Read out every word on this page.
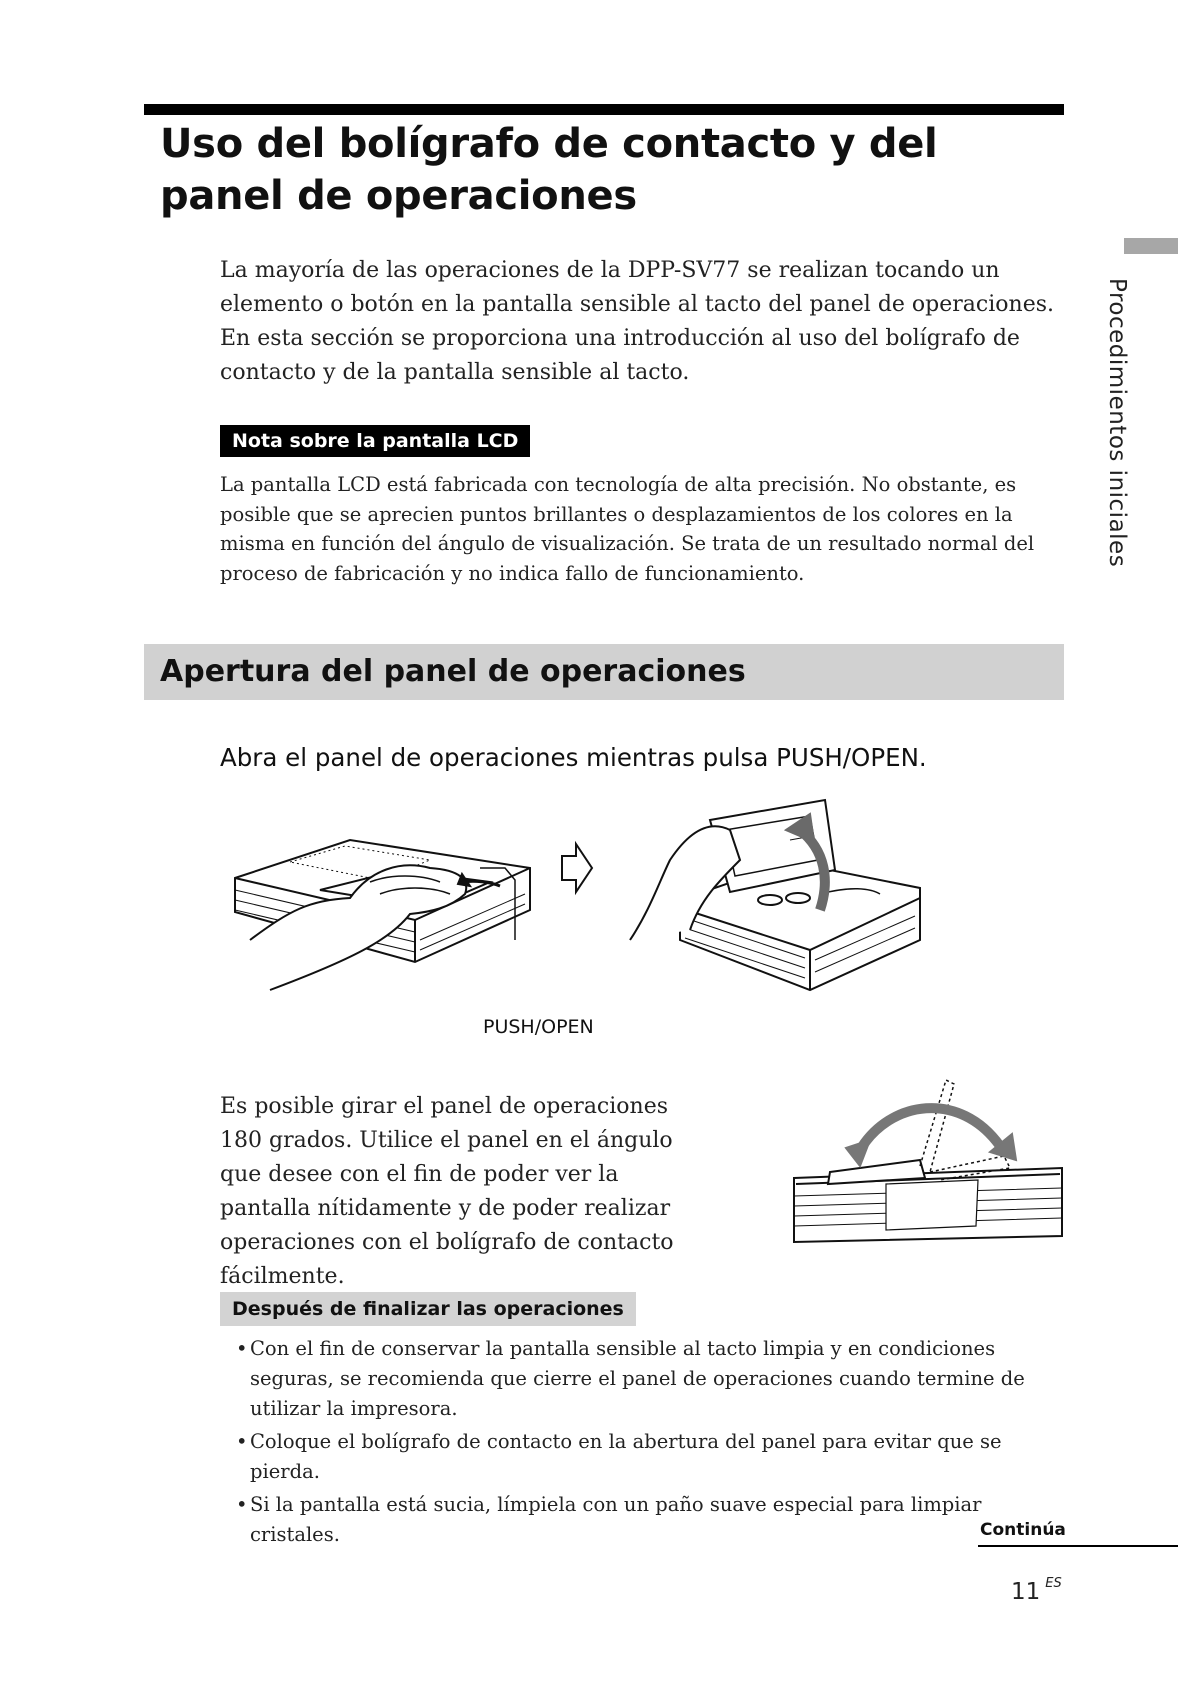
Uso del bolígrafo de contacto y del panel de operaciones
Procedimientos iniciales

La mayoría de las operaciones de la DPP-SV77 se realizan tocando un elemento o botón en la pantalla sensible al tacto del panel de operaciones. En esta sección se proporciona una introducción al uso del bolígrafo de contacto y de la pantalla sensible al tacto.

Nota sobre la pantalla LCD

La pantalla LCD está fabricada con tecnología de alta precisión. No obstante, es posible que se aprecien puntos brillantes o desplazamientos de los colores en la misma en función del ángulo de visualización. Se trata de un resultado normal del proceso de fabricación y no indica fallo de funcionamiento.

Apertura del panel de operaciones

Abra el panel de operaciones mientras pulsa PUSH/OPEN.

PUSH/OPEN

Es posible girar el panel de operaciones 180 grados. Utilice el panel en el ángulo que desee con el fin de poder ver la pantalla nítidamente y de poder realizar operaciones con el bolígrafo de contacto fácilmente.

Después de finalizar las operaciones
• Con el fin de conservar la pantalla sensible al tacto limpia y en condiciones seguras, se recomienda que cierre el panel de operaciones cuando termine de utilizar la impresora.
• Coloque el bolígrafo de contacto en la abertura del panel para evitar que se pierda.
• Si la pantalla está sucia, límpiela con un paño suave especial para limpiar cristales.	Continúa
11 $^{ES}$
